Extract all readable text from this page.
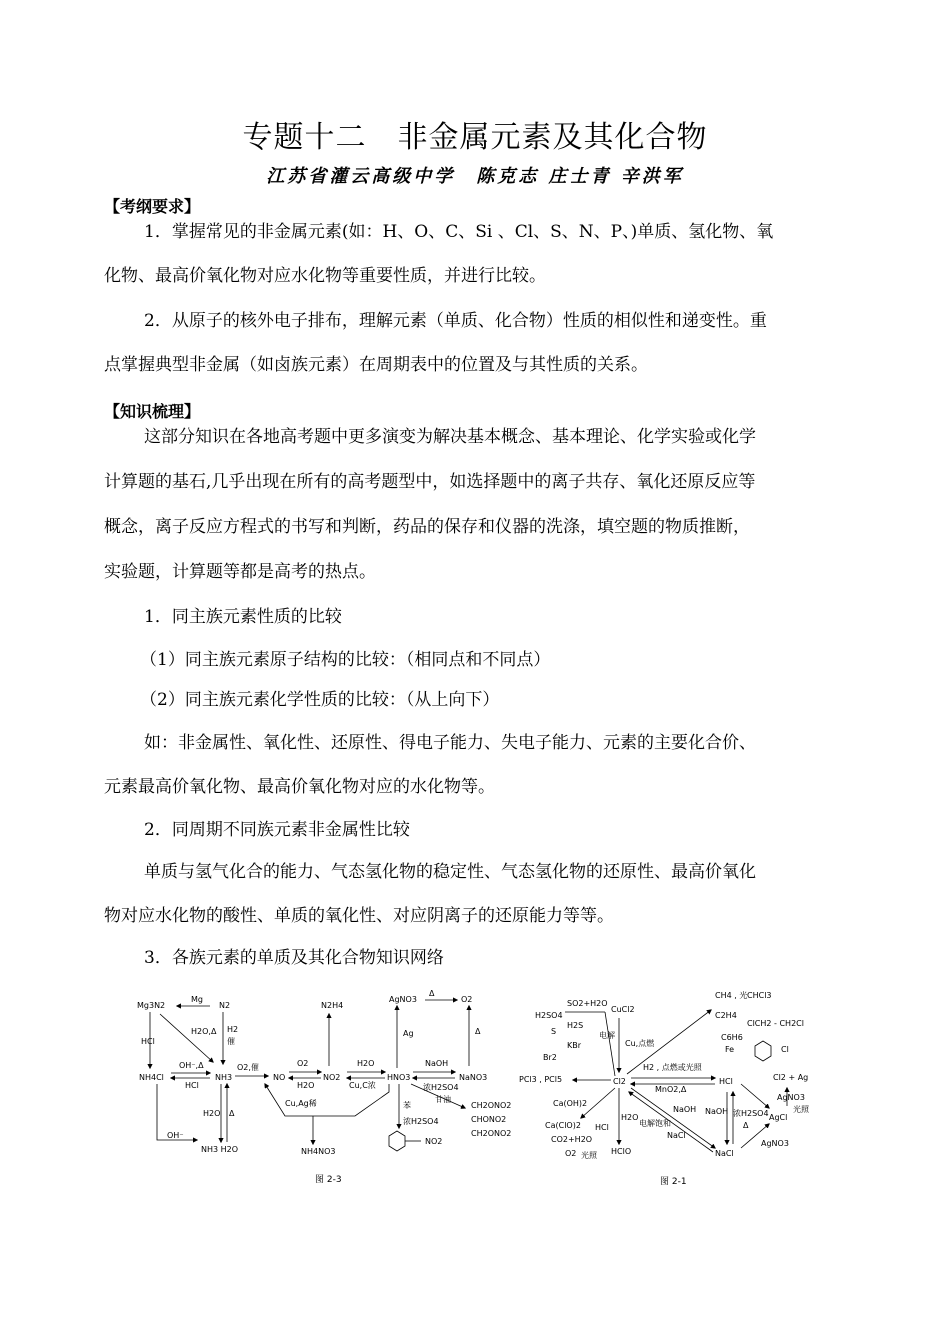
专题十二　非金属元素及其化合物
江苏省灌云高级中学　陈克志 庄士青 辛洪军
【考纲要求】
1．掌握常见的非金属元素(如：H、O、C、Si 、Cl、S、N、P、)单质、氢化物、氧
化物、最高价氧化物对应水化物等重要性质，并进行比较。
2．从原子的核外电子排布，理解元素（单质、化合物）性质的相似性和递变性。重
点掌握典型非金属（如卤族元素）在周期表中的位置及与其性质的关系。
【知识梳理】
这部分知识在各地高考题中更多演变为解决基本概念、基本理论、化学实验或化学
计算题的基石,几乎出现在所有的高考题型中，如选择题中的离子共存、氧化还原反应等
概念，离子反应方程式的书写和判断，药品的保存和仪器的洗涤，填空题的物质推断，
实验题，计算题等都是高考的热点。
1．同主族元素性质的比较
（1）同主族元素原子结构的比较：（相同点和不同点）
（2）同主族元素化学性质的比较：（从上向下）
如：非金属性、氧化性、还原性、得电子能力、失电子能力、元素的主要化合价、
元素最高价氧化物、最高价氧化物对应的水化物等。
2．同周期不同族元素非金属性比较
单质与氢气化合的能力、气态氢化物的稳定性、气态氢化物的还原性、最高价氧化
物对应水化物的酸性、单质的氧化性、对应阴离子的还原能力等等。
3．各族元素的单质及其化合物知识网络
Mg3N2
Mg
N2
H2O,Δ H2
催
HCl
OH⁻,Δ
NH4Cl
HCl
NH3
O2,催
NO
O2
H2O
NO2
H2O
Cu,C浓
HNO3
NaOH
NaNO3
浓H2SO4
N2H4
AgNO3
Δ
O2
Ag	Δ
Cu,Ag稀
H2O Δ
OH⁻
NH3 H2O	NH4NO3
苯
浓H2SO4
NO2
甘油
CH2ONO2
CHONO2
CH2ONO2
图 2-3
H2SO4
SO2+H2O
H2S
S
KBr
Br2
CuCl2
电解
Cu,点燃
PCl3 , PCl5	Cl2
Ca(OH)2
Ca(ClO)2 HCl
H2O
CO2+H2O
O2 光照 HClO
CH4 , 光 CHCl3
C2H4
ClCH2 - CH2Cl
C6H6
Fe	Cl
H2 , 点燃或光照
MnO2,Δ
HCl
NaOH NaOH
电解饱和
NaCl
浓H2SO4
Δ
NaCl
Cl2 + Ag
AgNO3
光照
AgCl
AgNO3
图 2-1
